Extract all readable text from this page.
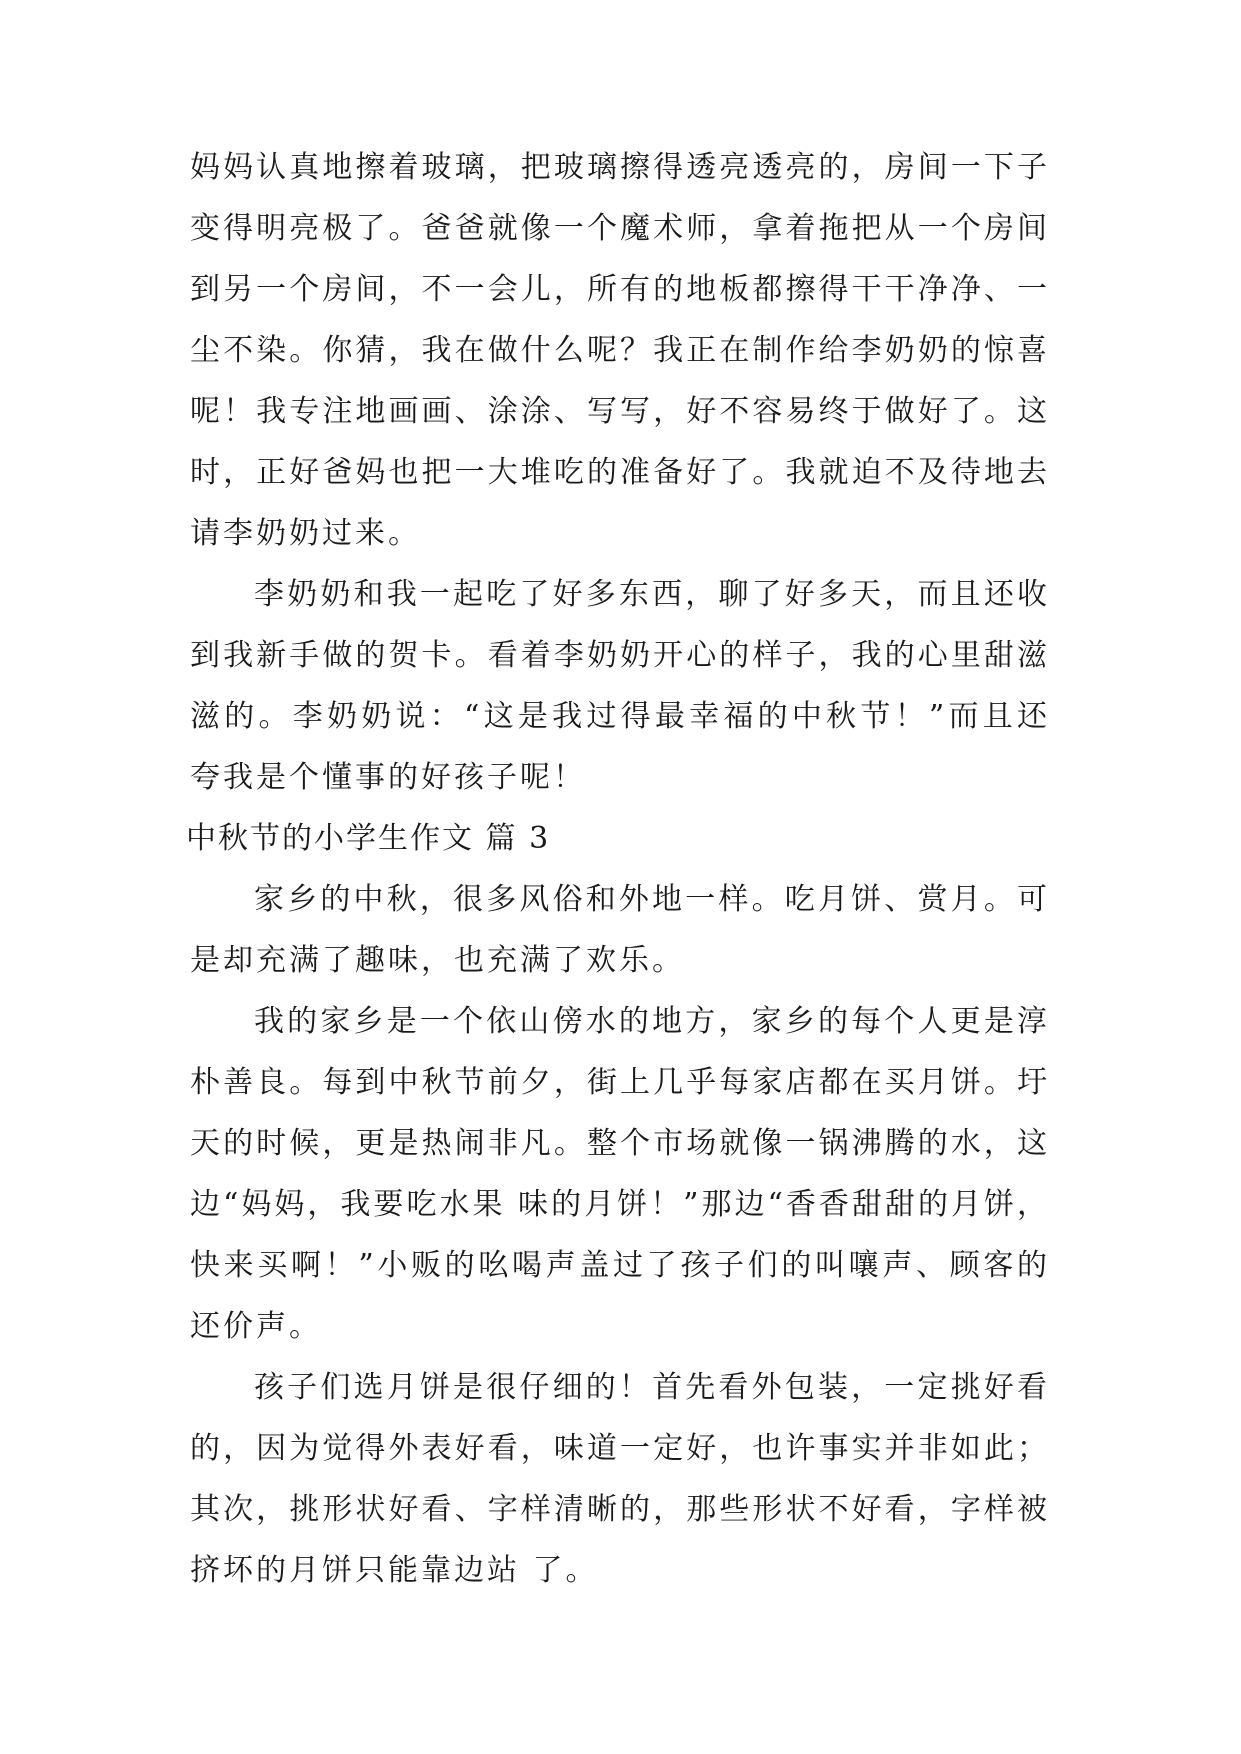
妈妈认真地擦着玻璃，把玻璃擦得透亮透亮的，房间一下子变得明亮极了。爸爸就像一个魔术师，拿着拖把从一个房间到另一个房间，不一会儿，所有的地板都擦得干干净净、一尘不染。你猜，我在做什么呢？我正在制作给李奶奶的惊喜呢！我专注地画画、涂涂、写写，好不容易终于做好了。这时，正好爸妈也把一大堆吃的准备好了。我就迫不及待地去请李奶奶过来。

李奶奶和我一起吃了好多东西，聊了好多天，而且还收到我新手做的贺卡。看着李奶奶开心的样子，我的心里甜滋滋的。李奶奶说：“这是我过得最幸福的中秋节！”而且还夸我是个懂事的好孩子呢！

中秋节的小学生作文 篇 3

家乡的中秋，很多风俗和外地一样。吃月饼、赏月。可是却充满了趣味，也充满了欢乐。

我的家乡是一个依山傍水的地方，家乡的每个人更是淳朴善良。每到中秋节前夕，街上几乎每家店都在买月饼。圩天的时候，更是热闹非凡。整个市场就像一锅沸腾的水，这边“妈妈，我要吃水果 味的月饼！”那边“香香甜甜的月饼，快来买啊！”小贩的吆喝声盖过了孩子们的叫嚷声、顾客的还价声。

孩子们选月饼是很仔细的！首先看外包装，一定挑好看的，因为觉得外表好看，味道一定好，也许事实并非如此；其次，挑形状好看、字样清晰的，那些形状不好看，字样被挤坏的月饼只能靠边站 了。
